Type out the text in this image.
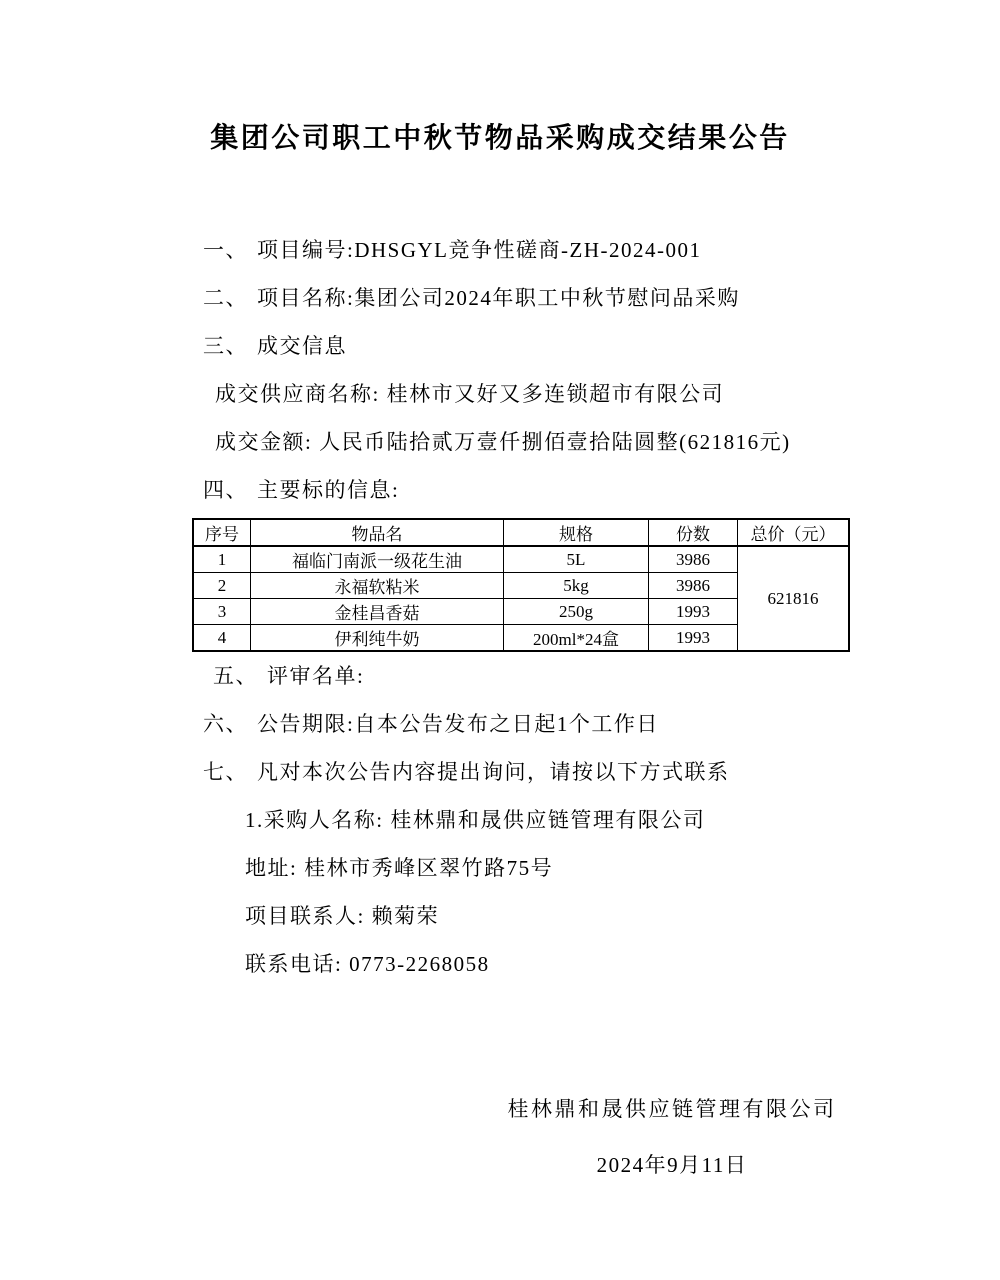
集团公司职工中秋节物品采购成交结果公告
一、 项目编号:DHSGYL竞争性磋商-ZH-2024-001
二、 项目名称:集团公司2024年职工中秋节慰问品采购
三、 成交信息
成交供应商名称: 桂林市又好又多连锁超市有限公司
成交金额: 人民币陆拾贰万壹仟捌佰壹拾陆圆整(621816元)
四、 主要标的信息:
序号	物品名	规格	份数	总价（元）
1	福临门南派一级花生油	5L	3986	621816
2	永福软粘米	5kg	3986	
3	金桂昌香菇	250g	1993	
4	伊利纯牛奶	200ml*24盒	1993	
五、 评审名单:
六、 公告期限:自本公告发布之日起1个工作日
七、 凡对本次公告内容提出询问，请按以下方式联系
1.采购人名称: 桂林鼎和晟供应链管理有限公司
地址: 桂林市秀峰区翠竹路75号
项目联系人: 赖菊荣
联系电话: 0773-2268058
桂林鼎和晟供应链管理有限公司
2024年9月11日
